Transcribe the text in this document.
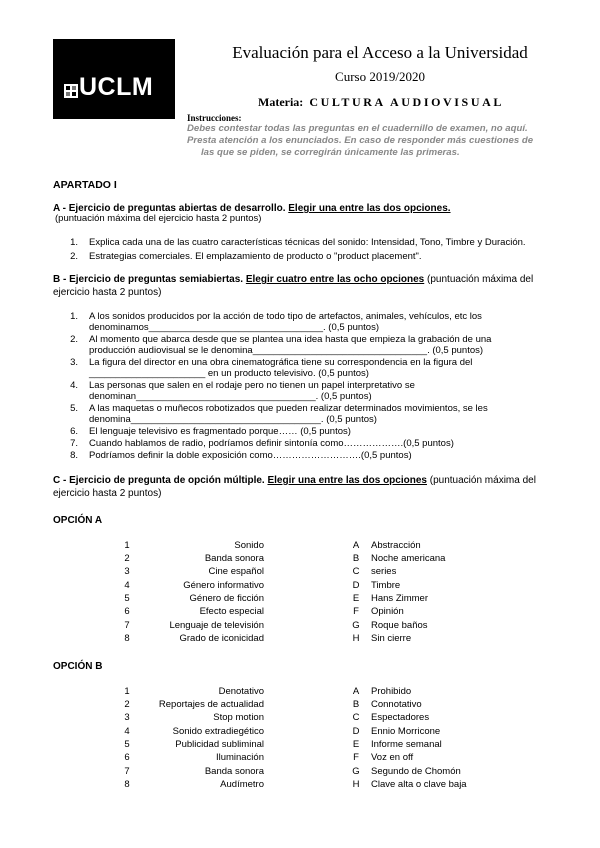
UCLM
CAMPUS DE EXCELENCIA INTERNACIONAL
Evaluación para el Acceso a la Universidad
Curso 2019/2020
Materia: CULTURA AUDIOVISUAL
Instrucciones:
Debes contestar todas las preguntas en el cuadernillo de examen, no aquí.
Presta atención a los enunciados. En caso de responder más cuestiones de
las que se piden, se corregirán únicamente las primeras.
APARTADO I
A - Ejercicio de preguntas abiertas de desarrollo. Elegir una entre las dos opciones.
(puntuación máxima del ejercicio hasta 2 puntos)
1. Explica cada una de las cuatro características técnicas del sonido: Intensidad, Tono, Timbre y Duración.
2. Estrategias comerciales. El emplazamiento de producto o "product placement".
B - Ejercicio de preguntas semiabiertas. Elegir cuatro entre las ocho opciones (puntuación máxima del
ejercicio hasta 2 puntos)
1. A los sonidos producidos por la acción de todo tipo de artefactos, animales, vehículos, etc los
denominamos_________________________________. (0,5 puntos)
2. Al momento que abarca desde que se plantea una idea hasta que empieza la grabación de una
producción audiovisual se le denomina_________________________________. (0,5 puntos)
3. La figura del director en una obra cinematográfica tiene su correspondencia en la figura del
______________________ en un producto televisivo. (0,5 puntos)
4. Las personas que salen en el rodaje pero no tienen un papel interpretativo se
denominan__________________________________. (0,5 puntos)
5. A las maquetas o muñecos robotizados que pueden realizar determinados movimientos, se les
denomina____________________________________. (0,5 puntos)
6. El lenguaje televisivo es fragmentado porque…… (0,5 puntos)
7. Cuando hablamos de radio, podríamos definir sintonía como……………….(0,5 puntos)
8. Podríamos definir la doble exposición como……………………….(0,5 puntos)
C - Ejercicio de pregunta de opción múltiple. Elegir una entre las dos opciones (puntuación máxima del
ejercicio hasta 2 puntos)
OPCIÓN A
1	Sonido	A Abstracción
2	Banda sonora	B Noche americana
3	Cine español	C series
4	Género informativo	D Timbre
5	Género de ficción	E Hans Zimmer
6	Efecto especial	F	Opinión
7	Lenguaje de televisión	G Roque baños
8	Grado de iconicidad	H Sin cierre
OPCIÓN B
1	Denotativo	A Prohibido
2	Reportajes de actualidad	B Connotativo
3	Stop motion	C Espectadores
4	Sonido extradiegético	D Ennio Morricone
5	Publicidad subliminal	E Informe semanal
6	Iluminación	F	Voz en off
7	Banda sonora	G Segundo de Chomón
8	Audímetro	H Clave alta o clave baja
